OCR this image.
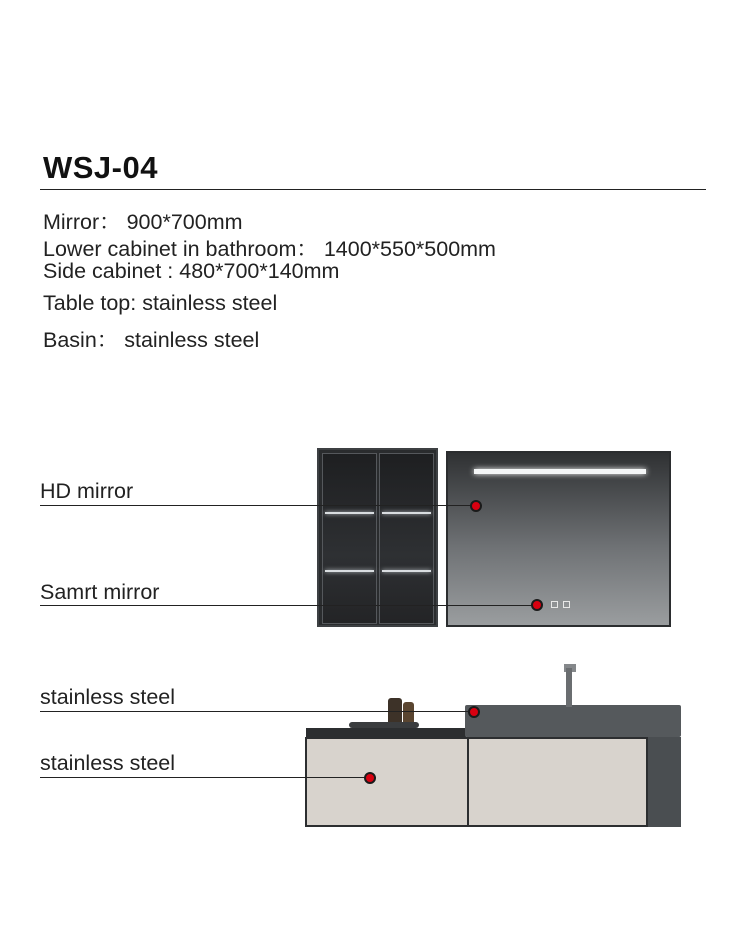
WSJ-04
Mirror： 900*700mm
Lower cabinet in bathroom： 1400*550*500mm
Side cabinet : 480*700*140mm
Table top: stainless steel
Basin： stainless steel
HD mirror
Samrt mirror
stainless steel
stainless steel
